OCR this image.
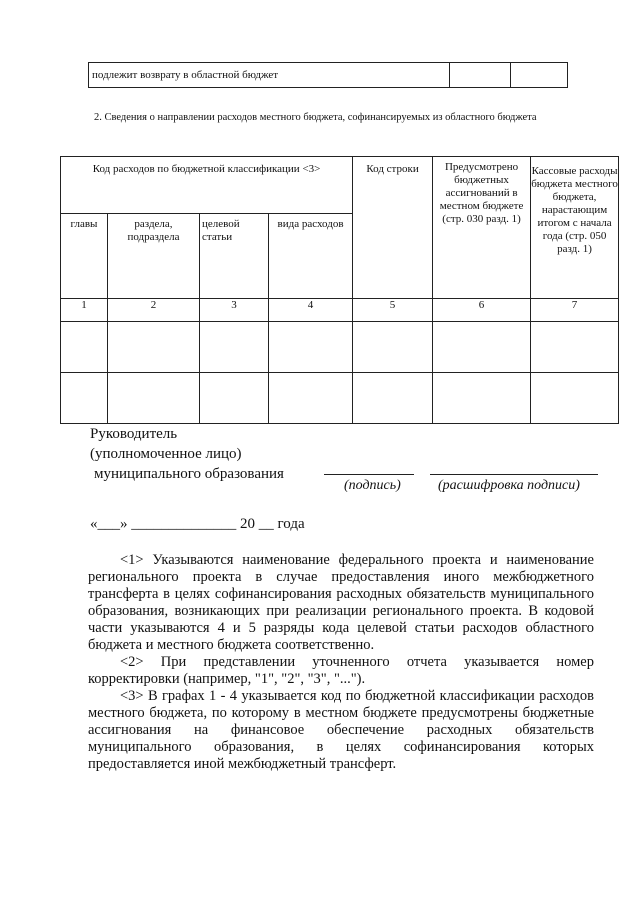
подлежит возврату в областной бюджет		
2. Сведения о направлении расходов местного бюджета, софинансируемых из областного бюджета
Код расходов по бюджетной классификации <3>				Код строки	Предусмотрено бюджетных ассигнований в местном бюджете (стр. 030 разд. 1)	Кассовые расходы бюджета местного бюджета, нарастающим итогом с начала года (стр. 050 разд. 1)
главы	раздела, подраздела	целевой статьи	вида расходов			
1	2	3	4	5	6	7

Руководитель
(уполномоченное лицо)
муниципального образования
(подпись)	(расшифровка подписи)
«___» ______________ 20 __ года

<1> Указываются наименование федерального проекта и наименование регионального проекта в случае предоставления иного межбюджетного трансферта в целях софинансирования расходных обязательств муниципального образования, возникающих при реализации регионального проекта. В кодовой части указываются 4 и 5 разряды кода целевой статьи расходов областного бюджета и местного бюджета соответственно.

<2> При представлении уточненного отчета указывается номер корректировки (например, "1", "2", "3", "...").

<3> В графах 1 - 4 указывается код по бюджетной классификации расходов местного бюджета, по которому в местном бюджете предусмотрены бюджетные ассигнования на финансовое обеспечение расходных обязательств муниципального образования, в целях софинансирования которых предоставляется иной межбюджетный трансферт.
